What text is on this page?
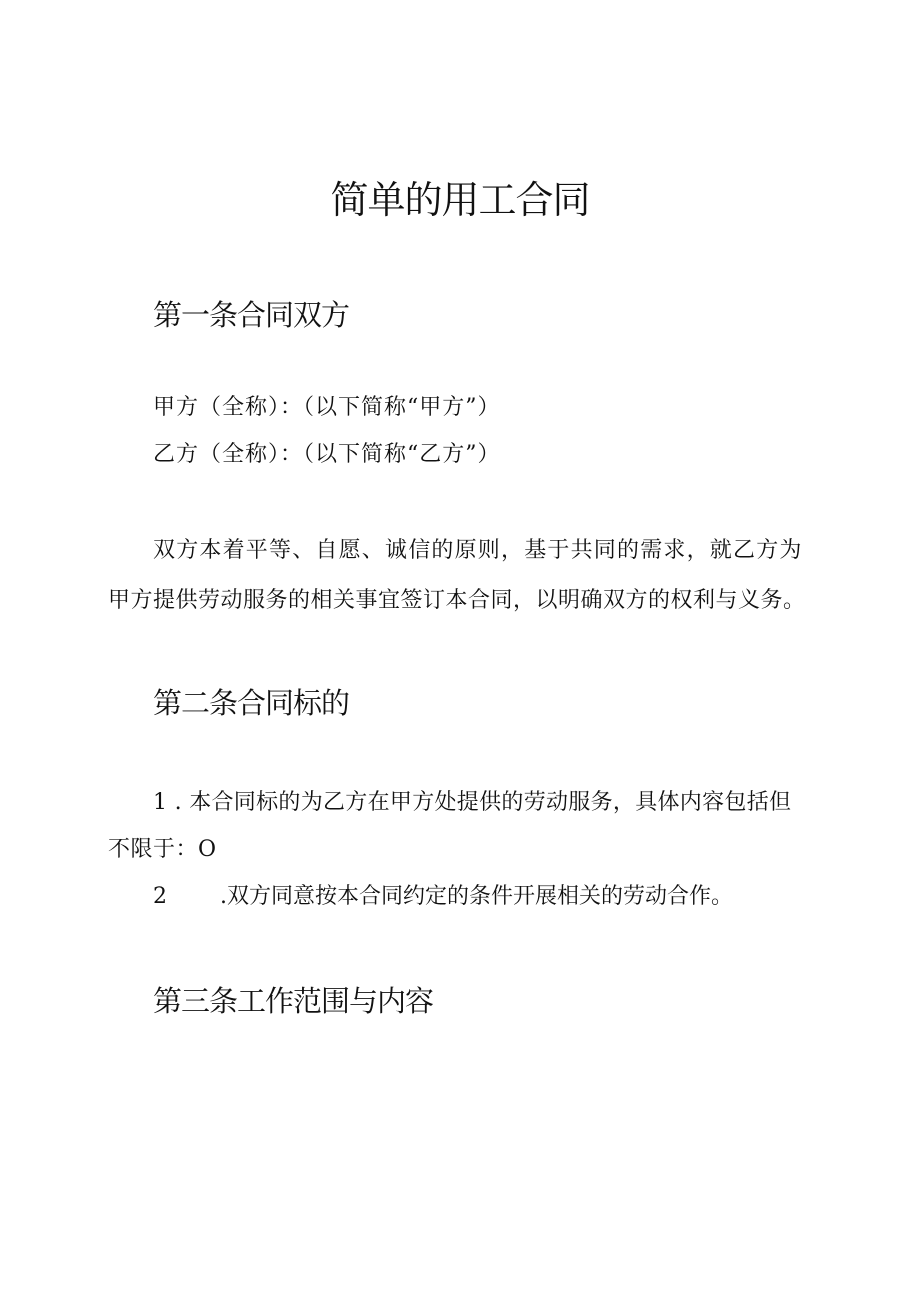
简单的用工合同
第一条合同双方

甲方（全称）：（以下简称“甲方”）

乙方（全称）：（以下简称“乙方”）

双方本着平等、自愿、诚信的原则，基于共同的需求，就乙方为

甲方提供劳动服务的相关事宜签订本合同，以明确双方的权利与义务。

第二条合同标的

1 . 本合同标的为乙方在甲方处提供的劳动服务，具体内容包括但

不限于：O

2 .双方同意按本合同约定的条件开展相关的劳动合作。

第三条工作范围与内容
